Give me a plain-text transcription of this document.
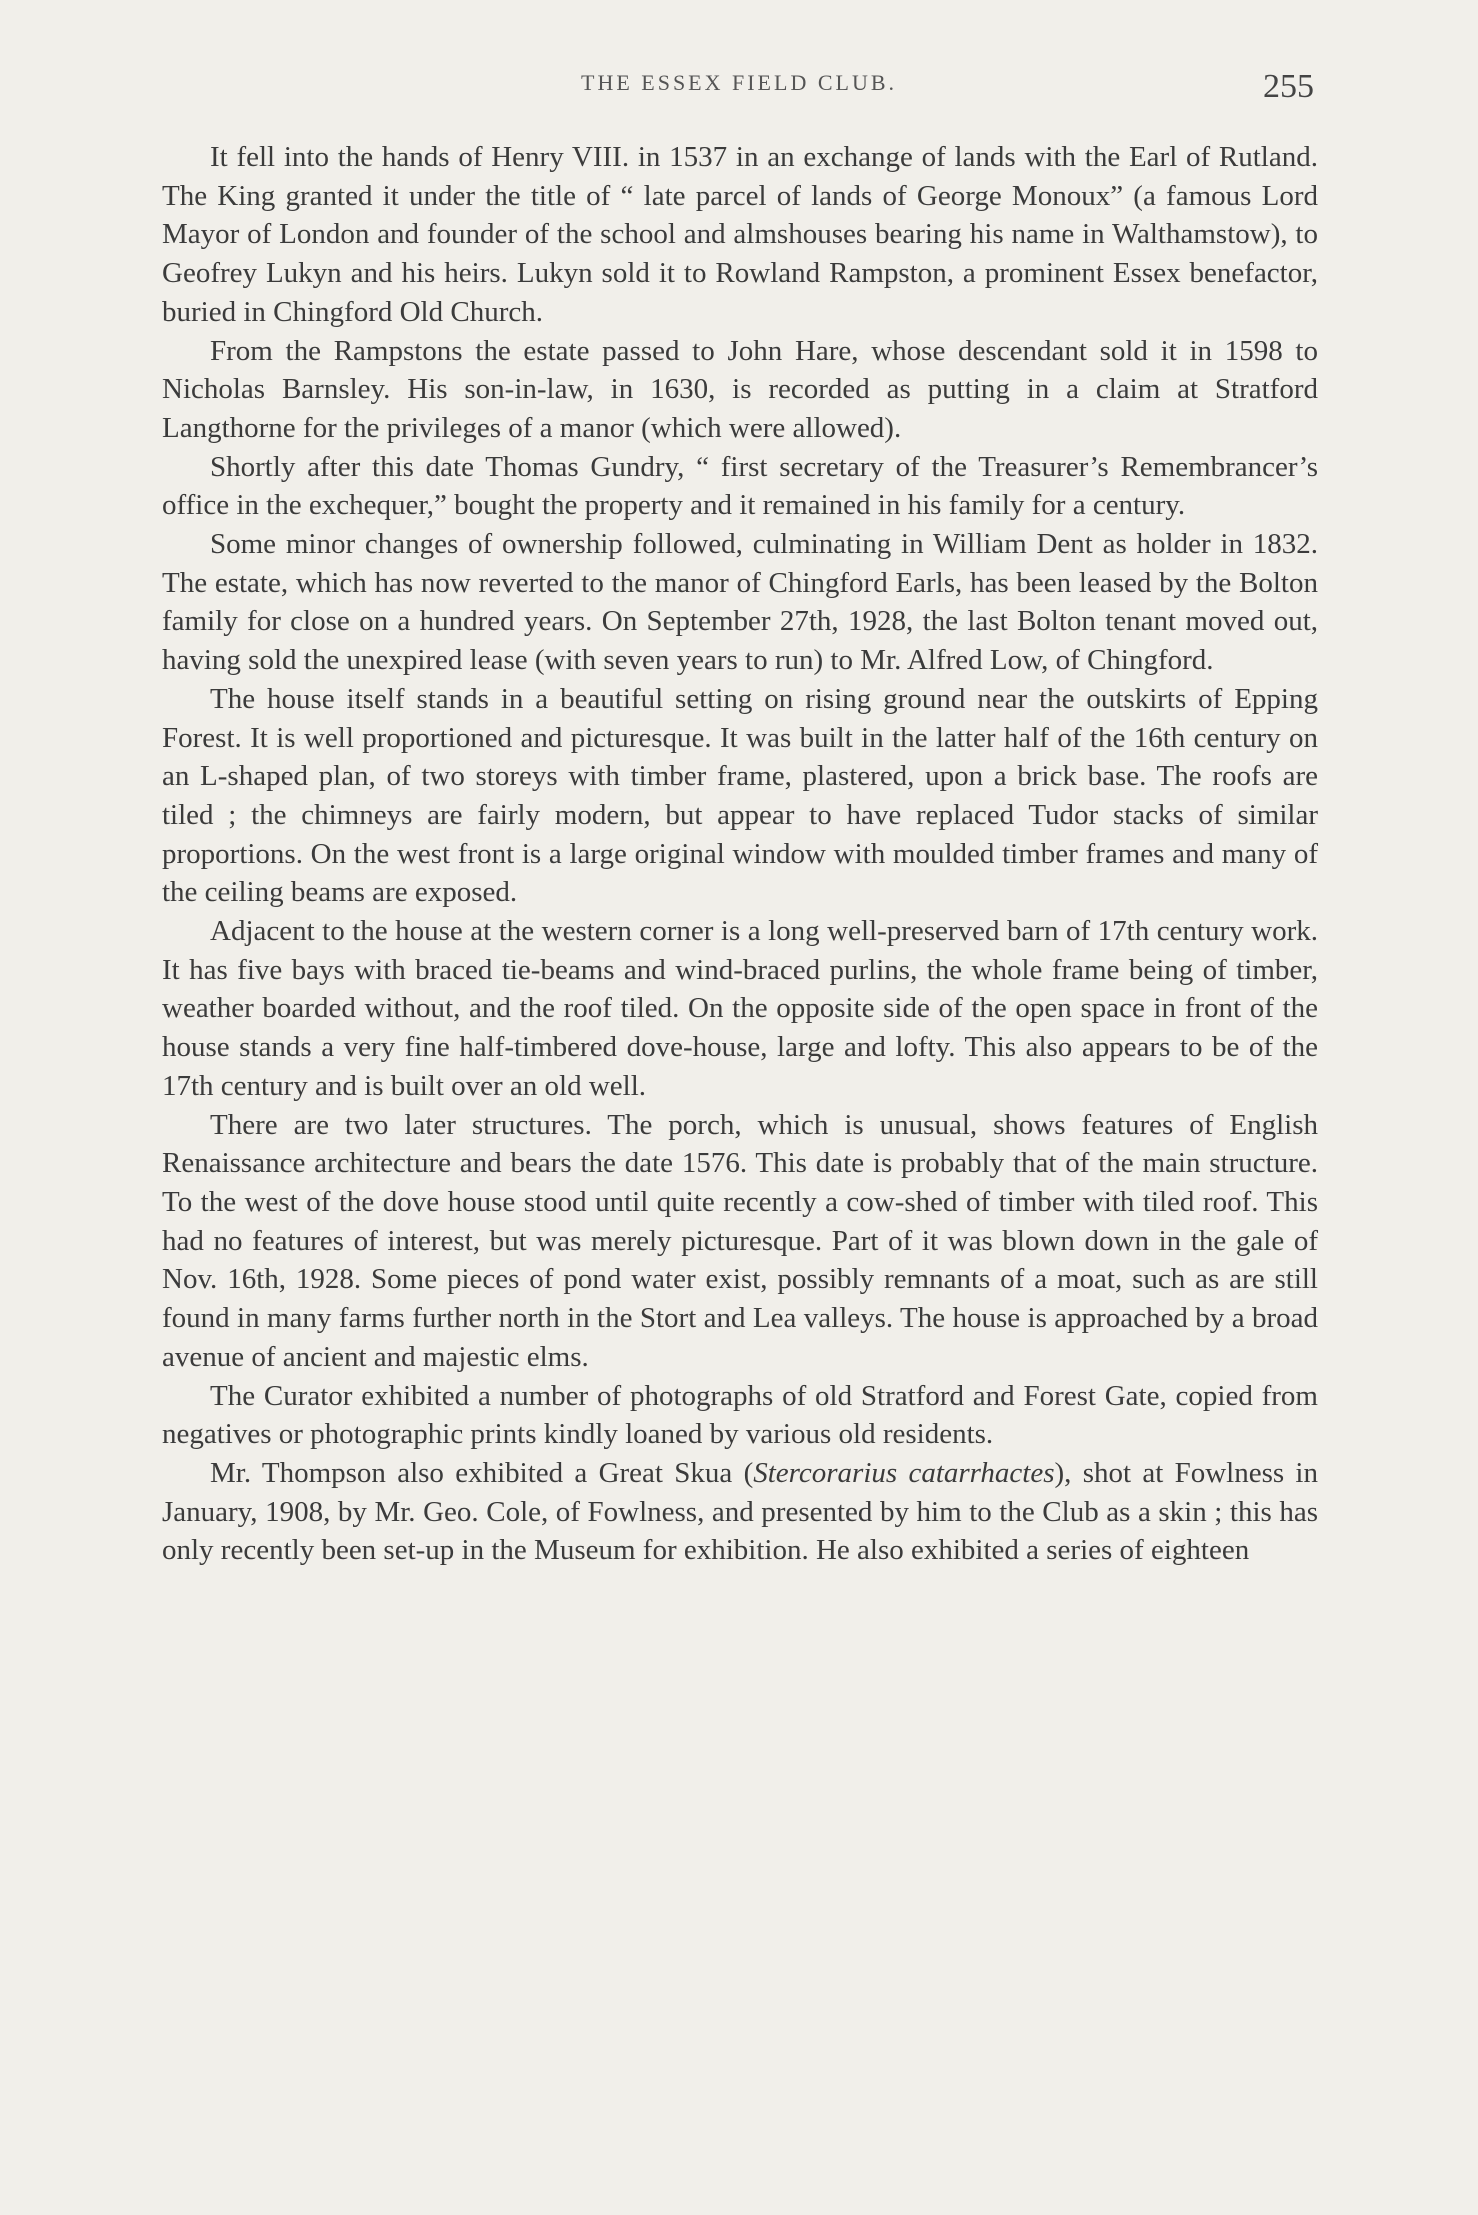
THE ESSEX FIELD CLUB.	255

It fell into the hands of Henry VIII. in 1537 in an exchange of lands with the Earl of Rutland. The King granted it under the title of “ late parcel of lands of George Monoux” (a famous Lord Mayor of London and founder of the school and almshouses bearing his name in Walthamstow), to Geofrey Lukyn and his heirs. Lukyn sold it to Rowland Rampston, a prominent Essex benefactor, buried in Chingford Old Church.

From the Rampstons the estate passed to John Hare, whose descendant sold it in 1598 to Nicholas Barnsley. His son-in-law, in 1630, is recorded as putting in a claim at Stratford Langthorne for the privileges of a manor (which were allowed).

Shortly after this date Thomas Gundry, “ first secretary of the Treasurer’s Remembrancer’s office in the exchequer,” bought the property and it remained in his family for a century.

Some minor changes of ownership followed, culminating in William Dent as holder in 1832. The estate, which has now reverted to the manor of Chingford Earls, has been leased by the Bolton family for close on a hundred years. On September 27th, 1928, the last Bolton tenant moved out, having sold the unexpired lease (with seven years to run) to Mr. Alfred Low, of Chingford.

The house itself stands in a beautiful setting on rising ground near the outskirts of Epping Forest. It is well proportioned and picturesque. It was built in the latter half of the 16th century on an L-shaped plan, of two storeys with timber frame, plastered, upon a brick base. The roofs are tiled ; the chimneys are fairly modern, but appear to have replaced Tudor stacks of similar proportions. On the west front is a large original window with moulded timber frames and many of the ceiling beams are exposed.

Adjacent to the house at the western corner is a long well-preserved barn of 17th century work. It has five bays with braced tie-beams and wind-braced purlins, the whole frame being of timber, weather boarded without, and the roof tiled. On the opposite side of the open space in front of the house stands a very fine half-timbered dove-house, large and lofty. This also appears to be of the 17th century and is built over an old well.

There are two later structures. The porch, which is unusual, shows features of English Renaissance architecture and bears the date 1576. This date is probably that of the main structure. To the west of the dove house stood until quite recently a cow-shed of timber with tiled roof. This had no features of interest, but was merely picturesque. Part of it was blown down in the gale of Nov. 16th, 1928. Some pieces of pond water exist, possibly remnants of a moat, such as are still found in many farms further north in the Stort and Lea valleys. The house is approached by a broad avenue of ancient and majestic elms.

The Curator exhibited a number of photographs of old Stratford and Forest Gate, copied from negatives or photographic prints kindly loaned by various old residents.

Mr. Thompson also exhibited a Great Skua (Stercorarius catarrhactes), shot at Fowlness in January, 1908, by Mr. Geo. Cole, of Fowlness, and presented by him to the Club as a skin ; this has only recently been set-up in the Museum for exhibition. He also exhibited a series of eighteen
